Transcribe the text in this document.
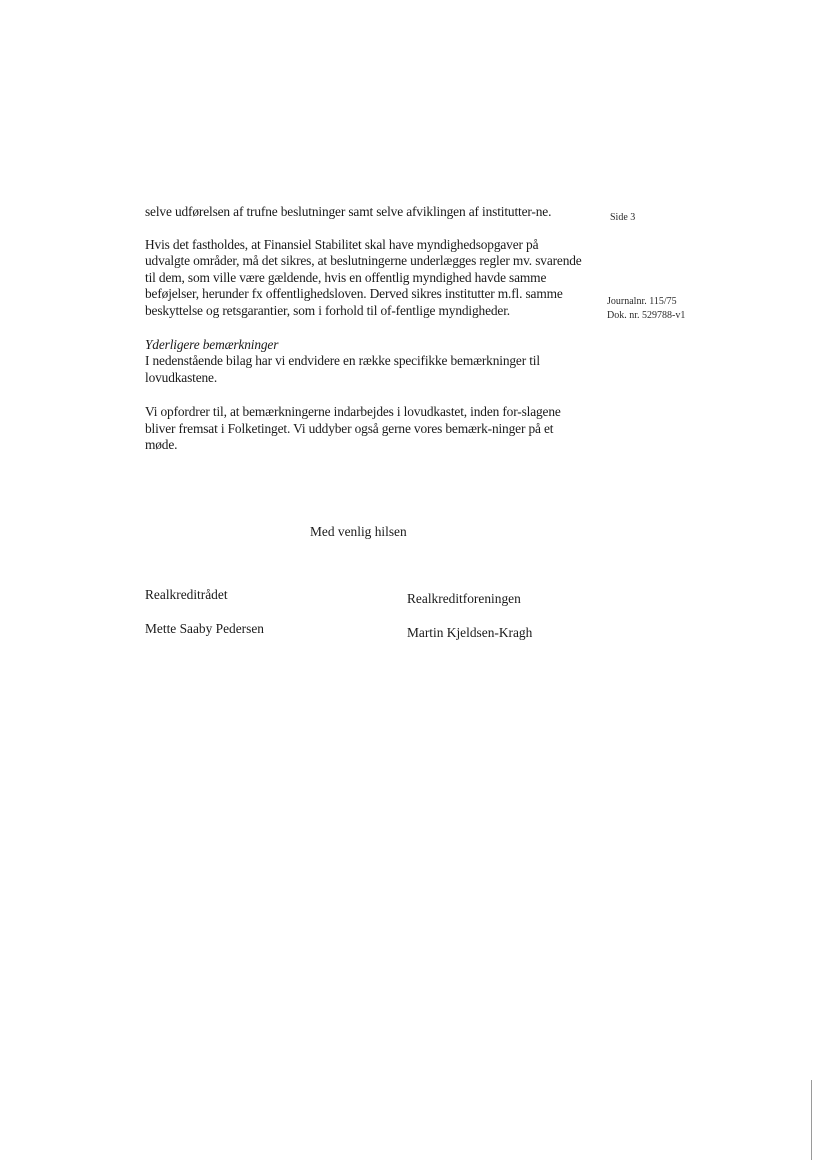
Side 3
Journalnr. 115/75
Dok. nr. 529788-v1

selve udførelsen af trufne beslutninger samt selve afviklingen af institutter-ne.

Hvis det fastholdes, at Finansiel Stabilitet skal have myndighedsopgaver på udvalgte områder, må det sikres, at beslutningerne underlægges regler mv. svarende til dem, som ville være gældende, hvis en offentlig myndighed havde samme beføjelser, herunder fx offentlighedsloven. Derved sikres institutter m.fl. samme beskyttelse og retsgarantier, som i forhold til of-fentlige myndigheder.

Yderligere bemærkninger

I nedenstående bilag har vi endvidere en række specifikke bemærkninger til lovudkastene.

Vi opfordrer til, at bemærkningerne indarbejdes i lovudkastet, inden for-slagene bliver fremsat i Folketinget. Vi uddyber også gerne vores bemærk-ninger på et møde.

Med venlig hilsen
Realkreditrådet
Mette Saaby Pedersen
Realkreditforeningen
Martin Kjeldsen-Kragh
